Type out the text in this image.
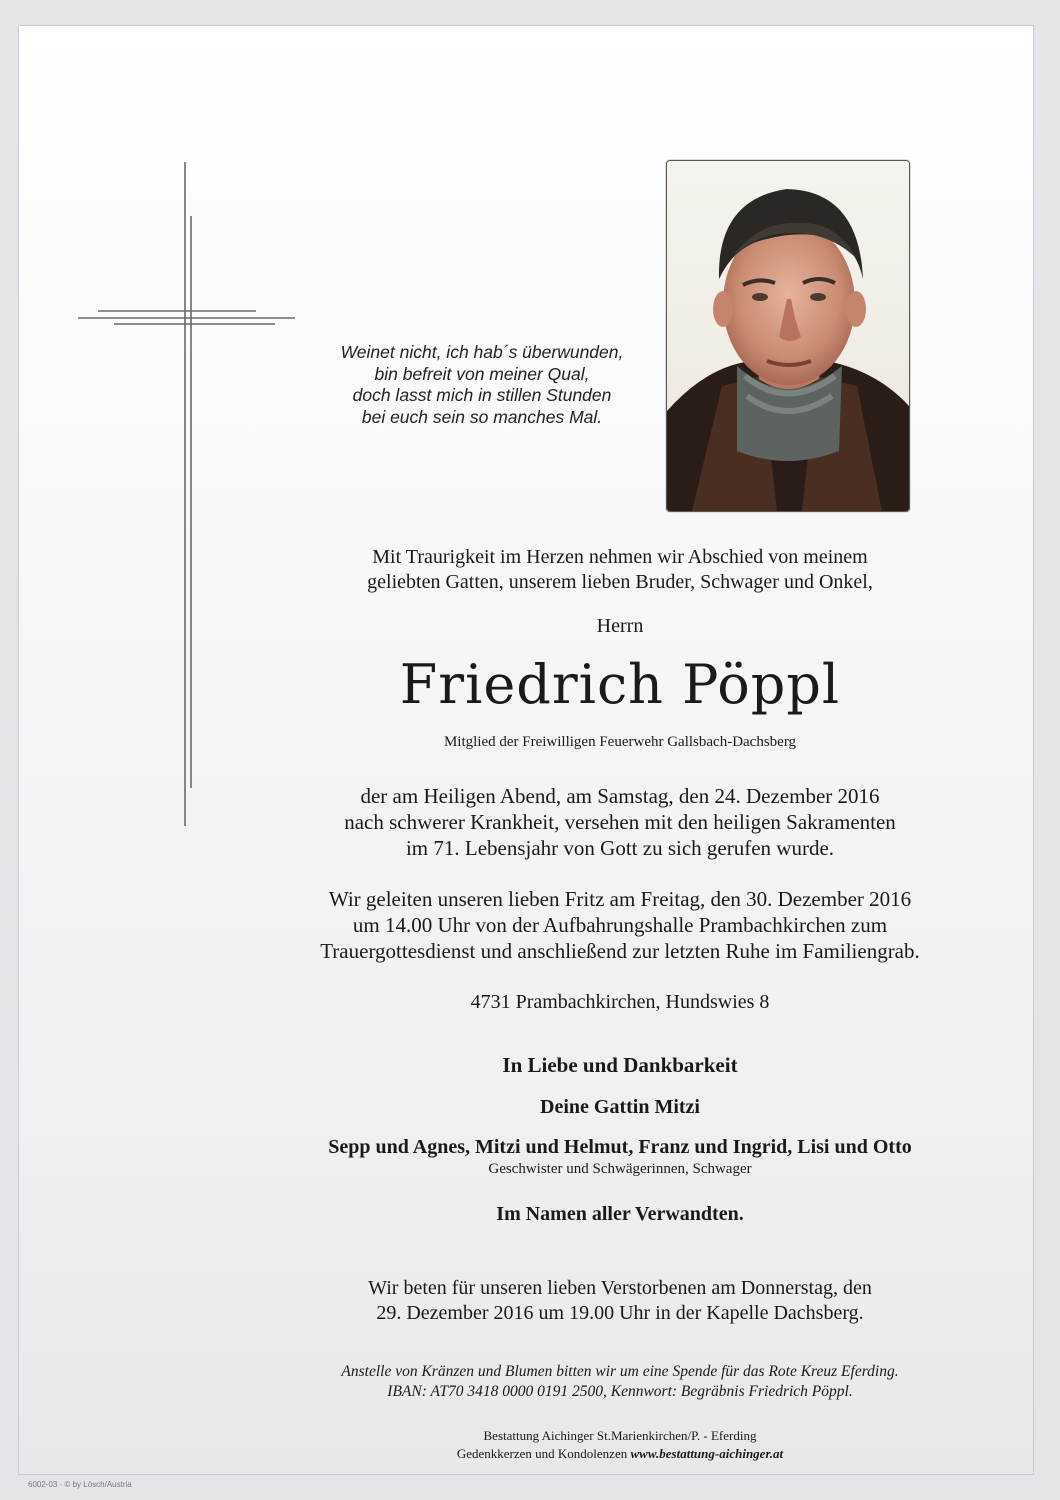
Weinet nicht, ich hab´s überwunden,
bin befreit von meiner Qual,
doch lasst mich in stillen Stunden
bei euch sein so manches Mal.
Mit Traurigkeit im Herzen nehmen wir Abschied von meinem
geliebten Gatten, unserem lieben Bruder, Schwager und Onkel,
Herrn
Friedrich Pöppl
Mitglied der Freiwilligen Feuerwehr Gallsbach-Dachsberg
der am Heiligen Abend, am Samstag, den 24. Dezember 2016
nach schwerer Krankheit, versehen mit den heiligen Sakramenten
im 71. Lebensjahr von Gott zu sich gerufen wurde.
Wir geleiten unseren lieben Fritz am Freitag, den 30. Dezember 2016
um 14.00 Uhr von der Aufbahrungshalle Prambachkirchen zum
Trauergottesdienst und anschließend zur letzten Ruhe im Familiengrab.
4731 Prambachkirchen, Hundswies 8
In Liebe und Dankbarkeit
Deine Gattin Mitzi
Sepp und Agnes, Mitzi und Helmut, Franz und Ingrid, Lisi und Otto
Geschwister und Schwägerinnen, Schwager
Im Namen aller Verwandten.
Wir beten für unseren lieben Verstorbenen am Donnerstag, den
29. Dezember 2016 um 19.00 Uhr in der Kapelle Dachsberg.
Anstelle von Kränzen und Blumen bitten wir um eine Spende für das Rote Kreuz Eferding.
IBAN: AT70 3418 0000 0191 2500, Kennwort: Begräbnis Friedrich Pöppl.
Bestattung Aichinger St.Marienkirchen/P. - Eferding
Gedenkkerzen und Kondolenzen www.bestattung-aichinger.at
6002-03 · © by Lösch/Austria
